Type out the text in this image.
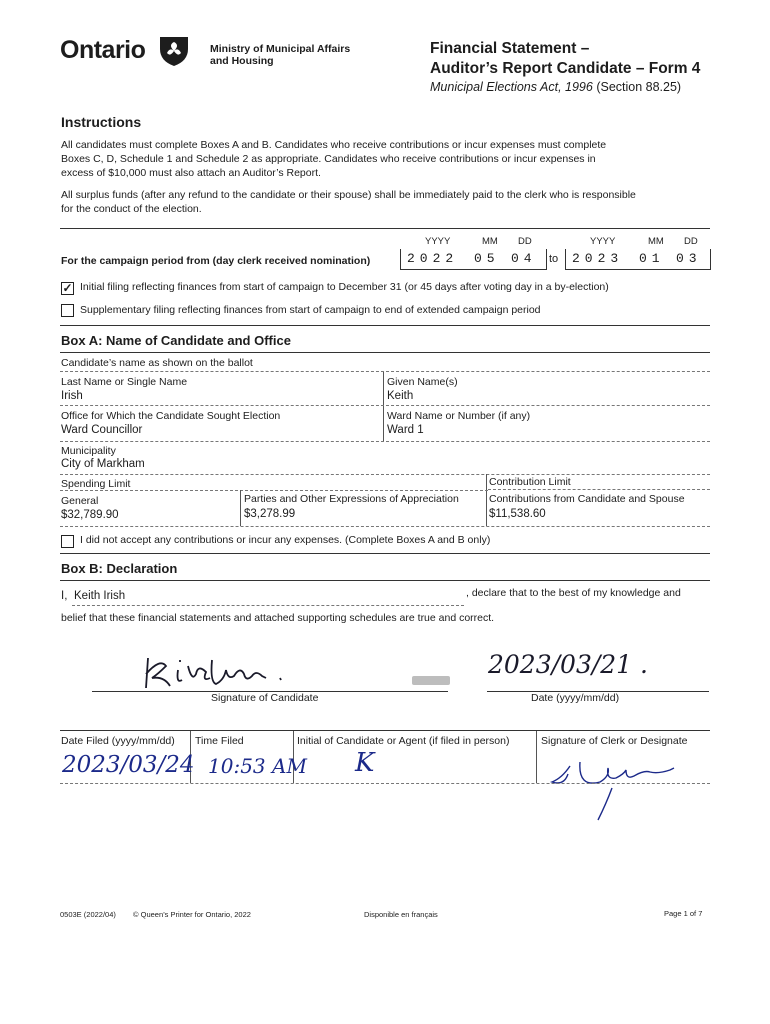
Ontario	Ministry of Municipal Affairs
and Housing
Financial Statement –
Auditor’s Report Candidate – Form 4
Municipal Elections Act, 1996 (Section 88.25)
Instructions
All candidates must complete Boxes A and B. Candidates who receive contributions or incur expenses must complete
Boxes C, D, Schedule 1 and Schedule 2 as appropriate. Candidates who receive contributions or incur expenses in
excess of $10,000 must also attach an Auditor’s Report.
All surplus funds (after any refund to the candidate or their spouse) shall be immediately paid to the clerk who is responsible
for the conduct of the election.
YYYY	MM DD	YYYY	MM DD
For the campaign period from (day clerk received nomination)	2022 05 04 to 2023 01 03
✓ Initial filing reflecting finances from start of campaign to December 31 (or 45 days after voting day in a by-election)
Supplementary filing reflecting finances from start of campaign to end of extended campaign period
Box A: Name of Candidate and Office
Candidate’s name as shown on the ballot
Last Name or Single Name
Irish
Given Name(s)
Keith
Office for Which the Candidate Sought Election
Ward Councillor
Ward Name or Number (if any)
Ward 1
Municipality
City of Markham
Spending Limit	Contribution Limit
General
$32,789.90
Parties and Other Expressions of Appreciation
$3,278.99
Contributions from Candidate and Spouse
$11,538.60
I did not accept any contributions or incur any expenses. (Complete Boxes A and B only)
Box B: Declaration
I, Keith Irish	, declare that to the best of my knowledge and
belief that these financial statements and attached supporting schedules are true and correct.
2023/03/21 .
Signature of Candidate	Date (yyyy/mm/dd)
Date Filed (yyyy/mm/dd) Time Filed	Initial of Candidate or Agent (if filed in person)	Signature of Clerk or Designate
2023/03/24 10:53 AM K
0503E (2022/04) © Queen’s Printer for Ontario, 2022	Disponible en français	Page 1 of 7
